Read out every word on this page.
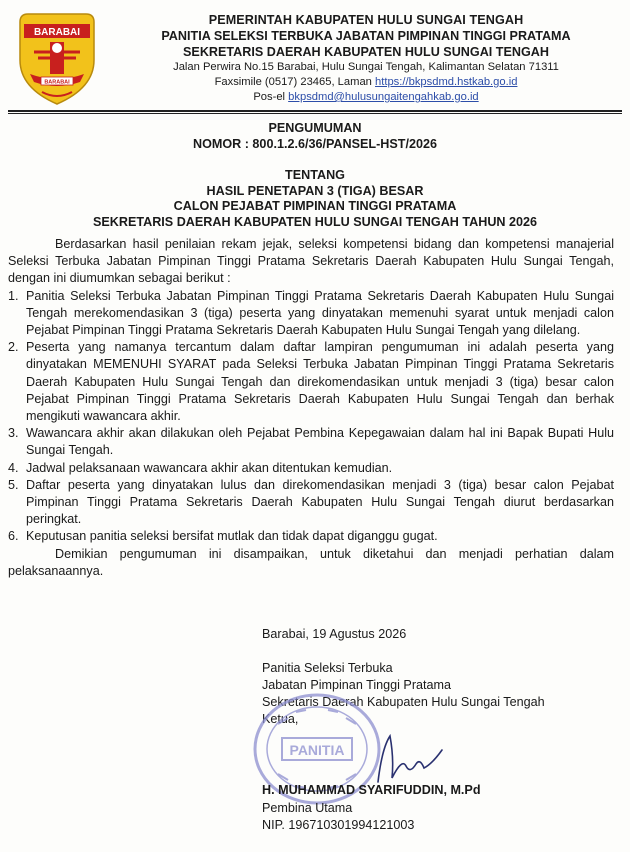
BARABAI
BARABAI
PEMERINTAH KABUPATEN HULU SUNGAI TENGAH
PANITIA SELEKSI TERBUKA JABATAN PIMPINAN TINGGI PRATAMA
SEKRETARIS DAERAH KABUPATEN HULU SUNGAI TENGAH
Jalan Perwira No.15 Barabai, Hulu Sungai Tengah, Kalimantan Selatan 71311
Faxsimile (0517) 23465, Laman https://bkpsdmd.hstkab.go.id
Pos-el bkpsdmd@hulusungaitengahkab.go.id
PENGUMUMAN
NOMOR : 800.1.2.6/36/PANSEL-HST/2026
TENTANG
HASIL PENETAPAN 3 (TIGA) BESAR
CALON PEJABAT PIMPINAN TINGGI PRATAMA
SEKRETARIS DAERAH KABUPATEN HULU SUNGAI TENGAH TAHUN 2026

Berdasarkan hasil penilaian rekam jejak, seleksi kompetensi bidang dan kompetensi manajerial Seleksi Terbuka Jabatan Pimpinan Tinggi Pratama Sekretaris Daerah Kabupaten Hulu Sungai Tengah, dengan ini diumumkan sebagai berikut :

1. Panitia Seleksi Terbuka Jabatan Pimpinan Tinggi Pratama Sekretaris Daerah Kabupaten Hulu Sungai Tengah merekomendasikan 3 (tiga) peserta yang dinyatakan memenuhi syarat untuk menjadi calon Pejabat Pimpinan Tinggi Pratama Sekretaris Daerah Kabupaten Hulu Sungai Tengah yang dilelang.
2. Peserta yang namanya tercantum dalam daftar lampiran pengumuman ini adalah peserta yang dinyatakan MEMENUHI SYARAT pada Seleksi Terbuka Jabatan Pimpinan Tinggi Pratama Sekretaris Daerah Kabupaten Hulu Sungai Tengah dan direkomendasikan untuk menjadi 3 (tiga) besar calon Pejabat Pimpinan Tinggi Pratama Sekretaris Daerah Kabupaten Hulu Sungai Tengah dan berhak mengikuti wawancara akhir.
3. Wawancara akhir akan dilakukan oleh Pejabat Pembina Kepegawaian dalam hal ini Bapak Bupati Hulu Sungai Tengah.
4. Jadwal pelaksanaan wawancara akhir akan ditentukan kemudian.
5. Daftar peserta yang dinyatakan lulus dan direkomendasikan menjadi 3 (tiga) besar calon Pejabat Pimpinan Tinggi Pratama Sekretaris Daerah Kabupaten Hulu Sungai Tengah diurut berdasarkan peringkat.
6. Keputusan panitia seleksi bersifat mutlak dan tidak dapat diganggu gugat.

Demikian pengumuman ini disampaikan, untuk diketahui dan menjadi perhatian dalam pelaksanaannya.

Barabai, 19 Agustus 2026
Panitia Seleksi Terbuka
Jabatan Pimpinan Tinggi Pratama
Sekretaris Daerah Kabupaten Hulu Sungai Tengah
Ketua,
PANITIA
H. MUHAMMAD SYARIFUDDIN, M.Pd
Pembina Utama
NIP. 196710301994121003
